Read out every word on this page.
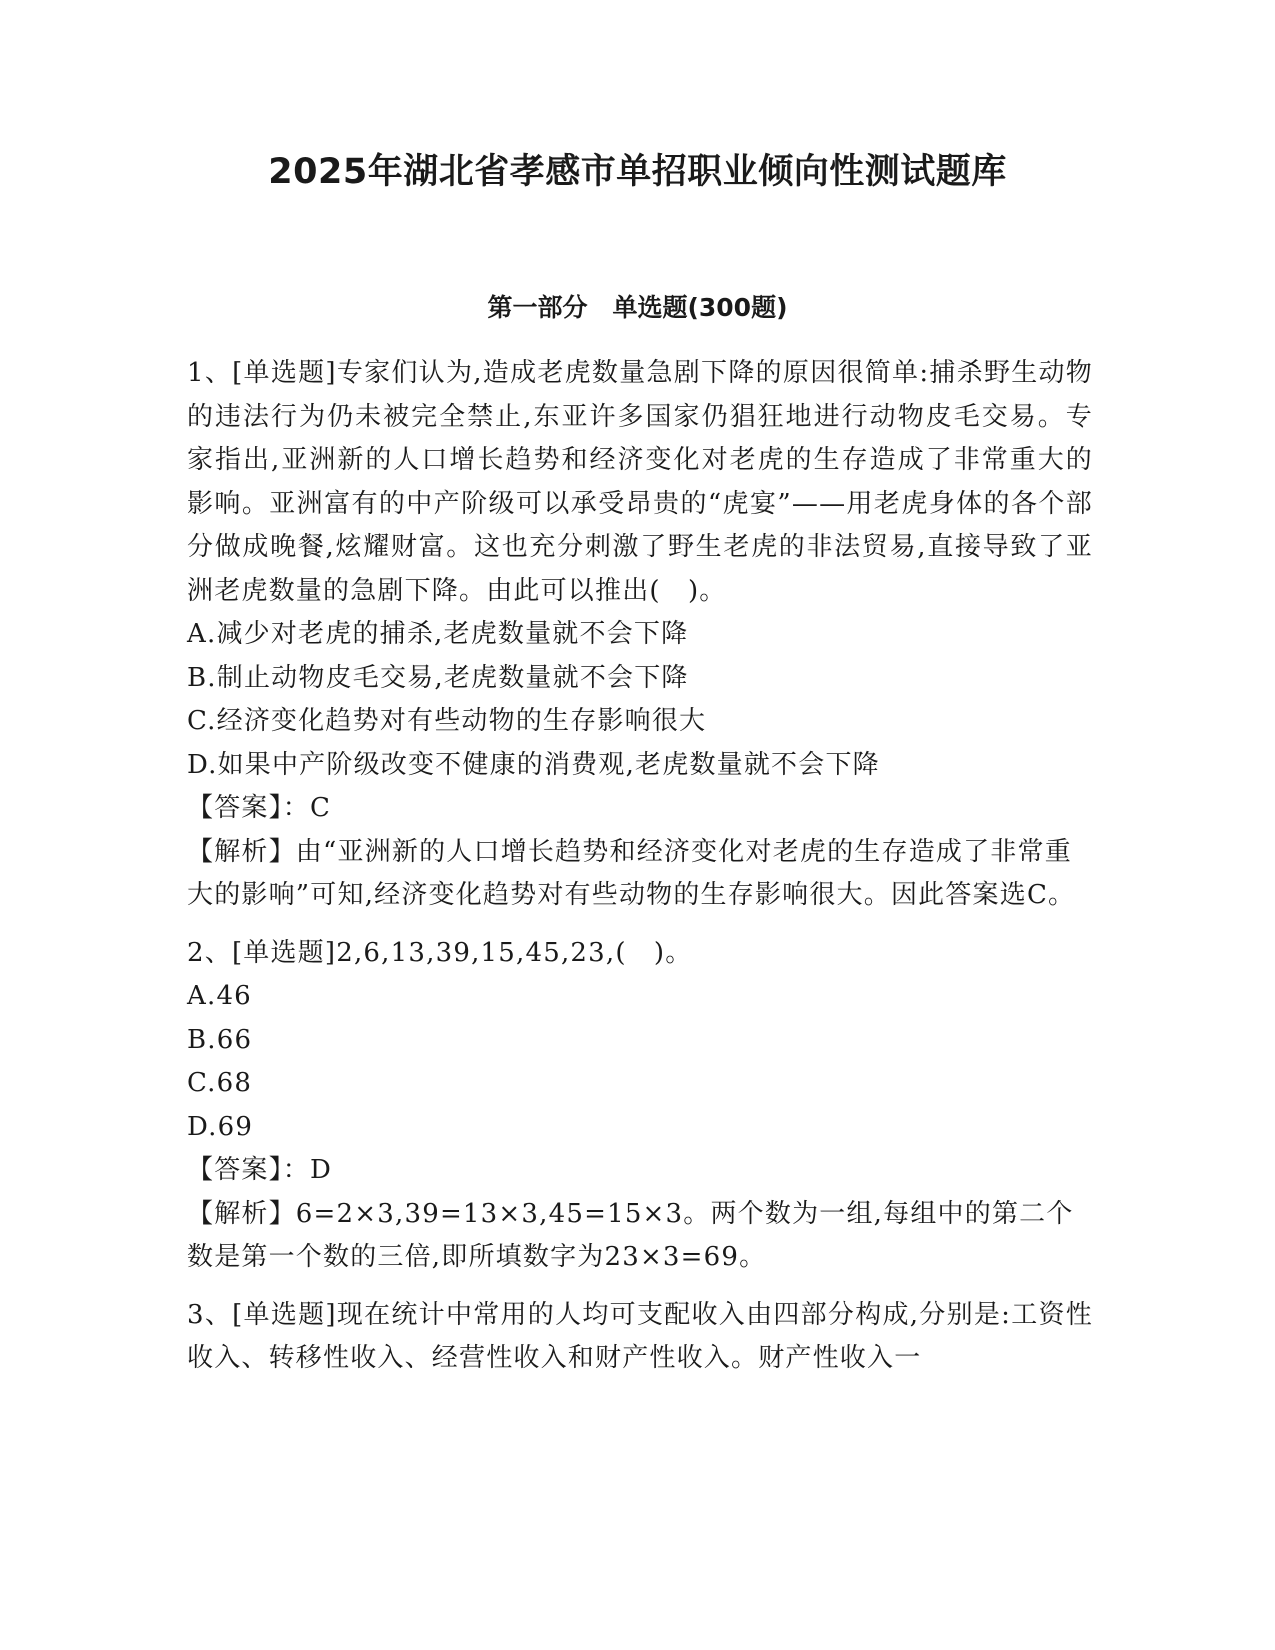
2025年湖北省孝感市单招职业倾向性测试题库
第一部分　单选题(300题)
1、[单选题]专家们认为,造成老虎数量急剧下降的原因很简单:捕杀野生动物的违法行为仍未被完全禁止,东亚许多国家仍猖狂地进行动物皮毛交易。专家指出,亚洲新的人口增长趋势和经济变化对老虎的生存造成了非常重大的影响。亚洲富有的中产阶级可以承受昂贵的“虎宴”——用老虎身体的各个部分做成晚餐,炫耀财富。这也充分刺激了野生老虎的非法贸易,直接导致了亚洲老虎数量的急剧下降。由此可以推出(　)。
A.减少对老虎的捕杀,老虎数量就不会下降
B.制止动物皮毛交易,老虎数量就不会下降
C.经济变化趋势对有些动物的生存影响很大
D.如果中产阶级改变不健康的消费观,老虎数量就不会下降
【答案】：C
【解析】由“亚洲新的人口增长趋势和经济变化对老虎的生存造成了非常重大的影响”可知,经济变化趋势对有些动物的生存影响很大。因此答案选C。
2、[单选题]2,6,13,39,15,45,23,(　)。
A.46
B.66
C.68
D.69
【答案】：D
【解析】6=2×3,39=13×3,45=15×3。两个数为一组,每组中的第二个数是第一个数的三倍,即所填数字为23×3=69。
3、[单选题]现在统计中常用的人均可支配收入由四部分构成,分别是:工资性收入、转移性收入、经营性收入和财产性收入。财产性收入一
